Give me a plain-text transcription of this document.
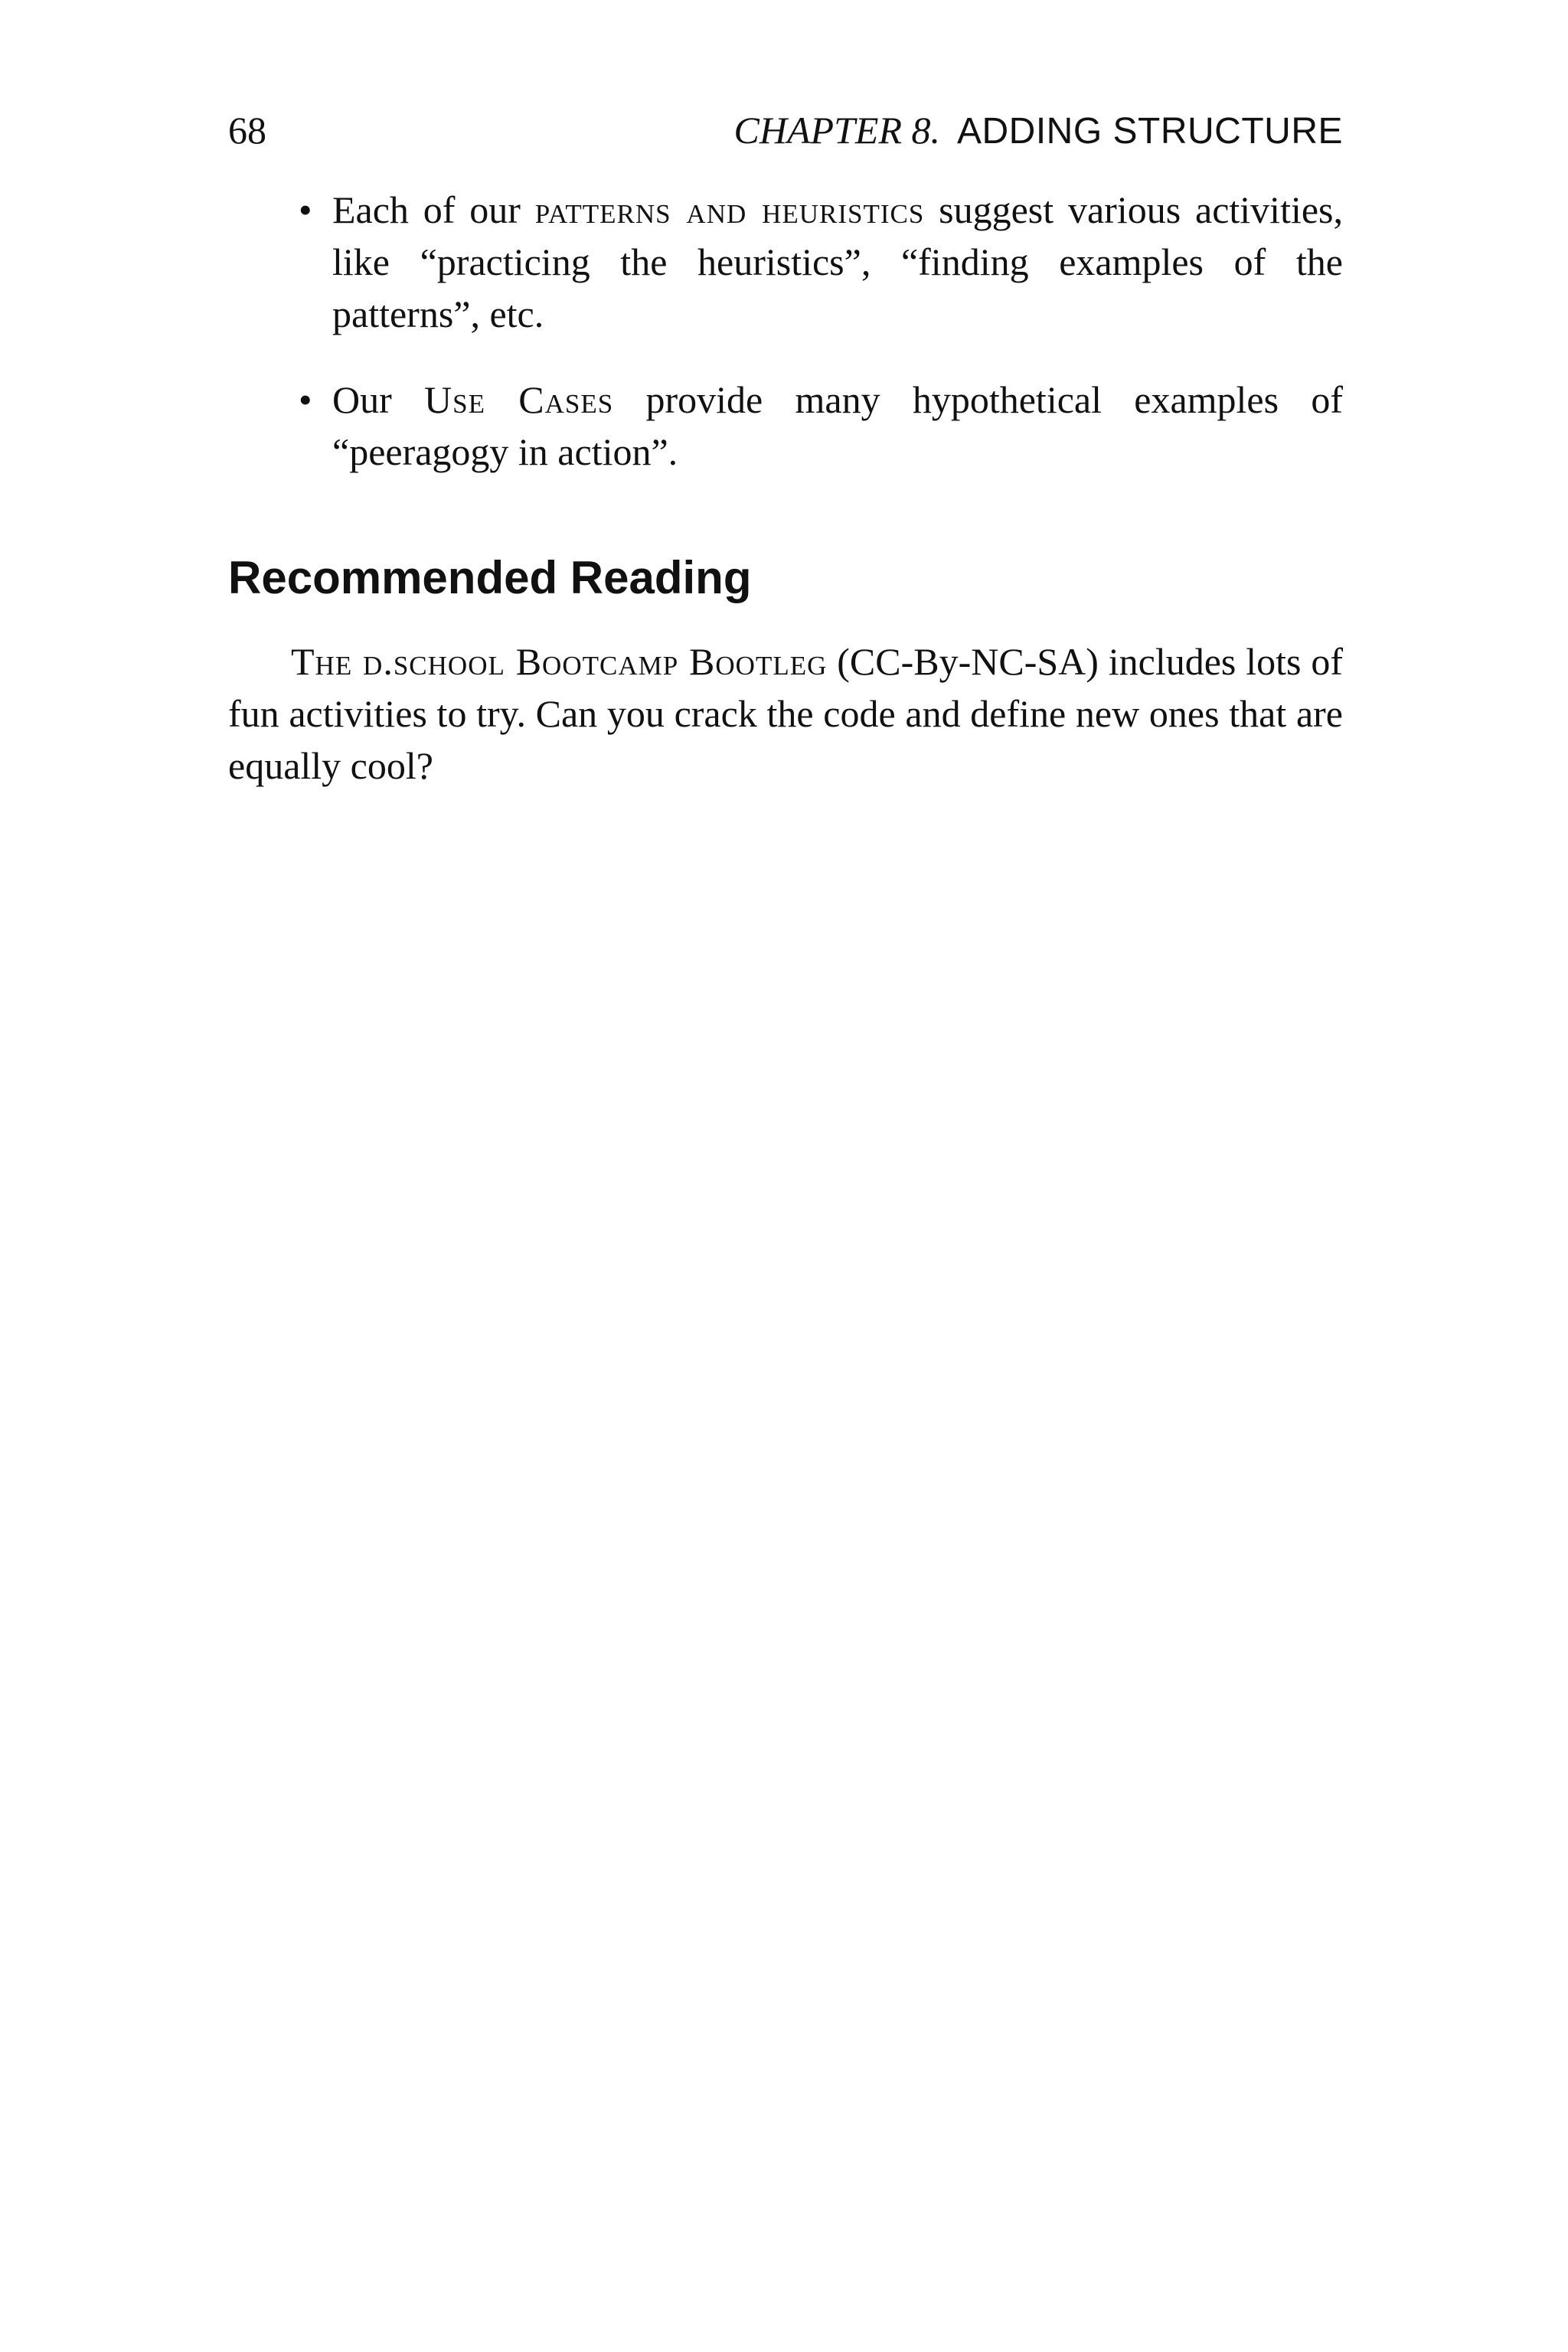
68	CHAPTER 8. ADDING STRUCTURE
• Each of our patterns and heuristics suggest various activities, like “practicing the heuristics”, “finding examples of the patterns”, etc.
• Our Use Cases provide many hypothetical examples of “peeragogy in action”.
Recommended Reading

The d.school Bootcamp Bootleg (CC-By-NC-SA) includes lots of fun activities to try. Can you crack the code and define new ones that are equally cool?
